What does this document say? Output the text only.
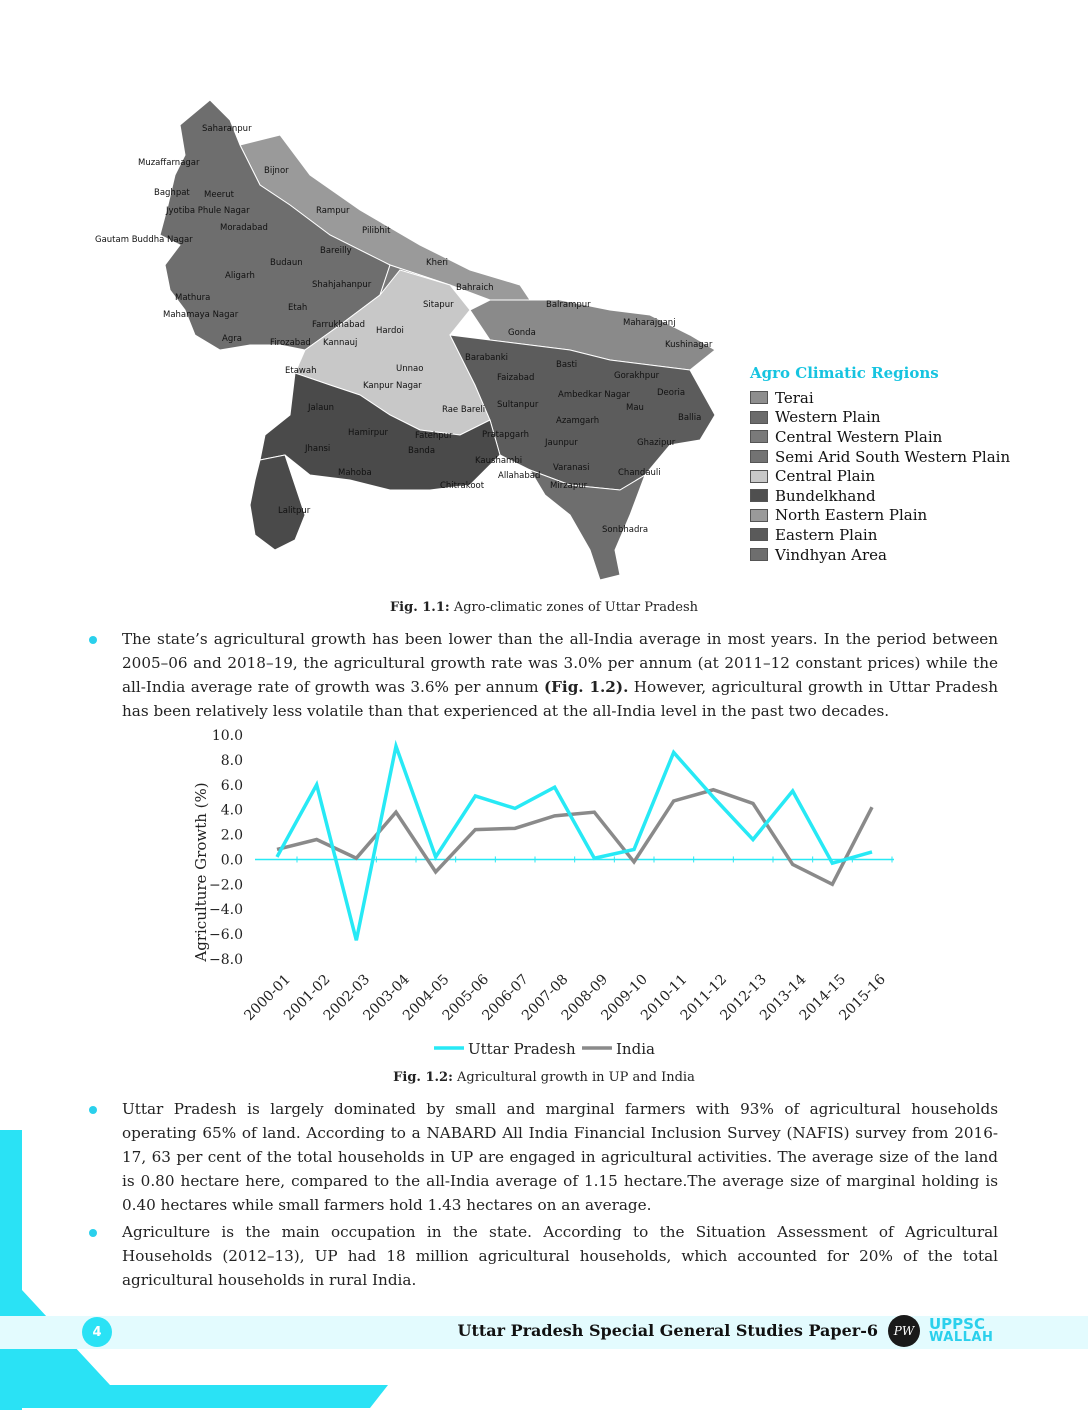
Saharanpur
Muzaffarnagar
Bijnor
Baghpat Meerut
Jyotiba Phule Nagar	Rampur
Moradabad	Pilibhit
Gautam Buddha Nagar
Bareilly
Kheri
Budaun
Aligarh
Shahjahanpur	Bahraich
Mathura
Mahamaya Nagar
Etah	Sitapur	Balrampur
Farrukhabad
Hardoi
Maharajganj
Agra	Firozabad Kannauj
Gonda
Kushinagar
Etawah	Unnao
Barabanki
Basti
Kanpur Nagar
Faizabad	Gorakhpur
Deoria
Rae Bareli
Ambedkar Nagar
Mau
Jalaun	Sultanpur
Ballia
Azamgarh
Hamirpur	Fatehpur	Pratapgarh
Jaunpur	Ghazipur
Jhansi	Banda
Kaushambi
Varanasi
Mahoba	Allahabad	Chandauli
Chitrakoot	Mirzapur
Lalitpur
Sonbhadra
Agro Climatic Regions
Terai
Western Plain
Central Western Plain
Semi Arid South Western Plain
Central Plain
Bundelkhand
North Eastern Plain
Eastern Plain
Vindhyan Area
Fig. 1.1: Agro-climatic zones of Uttar Pradesh
The state’s agricultural growth has been lower than the all-India average in most years. In the period between 2005–06 and 2018–19, the agricultural growth rate was 3.0% per annum (at 2011–12 constant prices) while the all-India average rate of growth was 3.6% per annum (Fig. 1.2). However, agricultural growth in Uttar Pradesh has been relatively less volatile than that experienced at the all-India level in the past two decades.
Agriculture Growth (%)
10.0
8.0
6.0
4.0
2.0
0.0
−2.0
−4.0
−6.0
−8.0
2000-01
2001-02
2002-03
2003-04
2004-05
2005-06
2006-07
2007-08
2008-09
2009-10
2010-11
2011-12
2012-13
2013-14
2014-15
2015-16
Uttar Pradesh	India
Fig. 1.2: Agricultural growth in UP and India
Uttar Pradesh is largely dominated by small and marginal farmers with 93% of agricultural households operating 65% of land. According to a NABARD All India Financial Inclusion Survey (NAFIS) survey from 2016-17, 63 per cent of the total households in UP are engaged in agricultural activities. The average size of the land is 0.80 hectare here, compared to the all-India average of 1.15 hectare.The average size of marginal holding is 0.40 hectares while small farmers hold 1.43 hectares on an average.
Agriculture is the main occupation in the state. According to the Situation Assessment of Agricultural Households (2012–13), UP had 18 million agricultural households, which accounted for 20% of the total agricultural households in rural India.
4	Uttar Pradesh Special General Studies Paper-6	PW UPPSC
WALLAH
